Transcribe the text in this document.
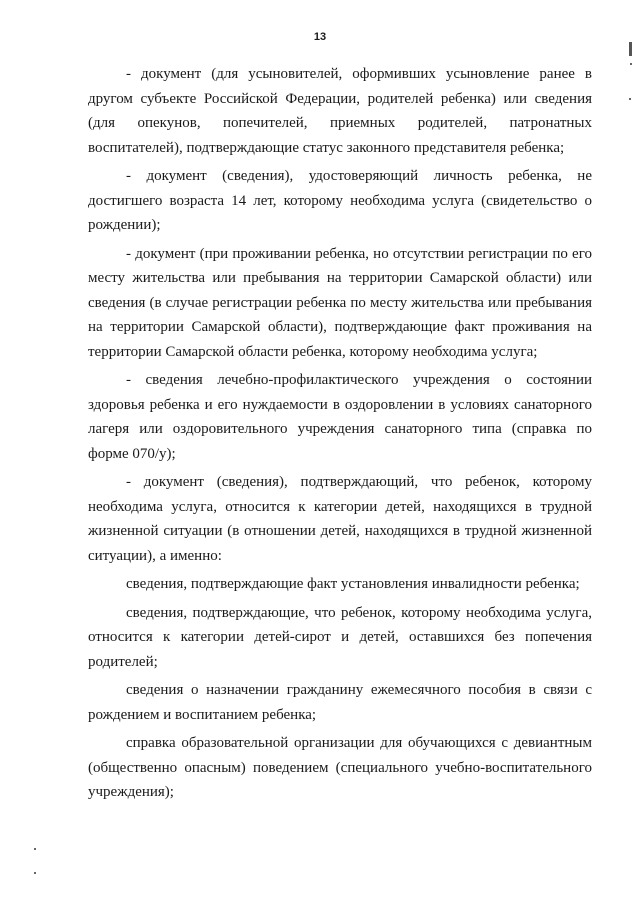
13

- документ (для усыновителей, оформивших усыновление ранее в другом субъекте Российской Федерации, родителей ребенка) или сведения (для опекунов, попечителей, приемных родителей, патронатных воспитателей), подтверждающие статус законного представителя ребенка;

- документ (сведения), удостоверяющий личность ребенка, не достигшего возраста 14 лет, которому необходима услуга (свидетельство о рождении);

- документ (при проживании ребенка, но отсутствии регистрации по его месту жительства или пребывания на территории Самарской области) или сведения (в случае регистрации ребенка по месту жительства или пребывания на территории Самарской области), подтверждающие факт проживания на территории Самарской области ребенка, которому необходима услуга;

- сведения лечебно-профилактического учреждения о состоянии здоровья ребенка и его нуждаемости в оздоровлении в условиях санаторного лагеря или оздоровительного учреждения санаторного типа (справка по форме 070/у);

- документ (сведения), подтверждающий, что ребенок, которому необходима услуга, относится к категории детей, находящихся в трудной жизненной ситуации (в отношении детей, находящихся в трудной жизненной ситуации), а именно:

сведения, подтверждающие факт установления инвалидности ребенка;

сведения, подтверждающие, что ребенок, которому необходима услуга, относится к категории детей-сирот и детей, оставшихся без попечения родителей;

сведения о назначении гражданину ежемесячного пособия в связи с рождением и воспитанием ребенка;

справка образовательной организации для обучающихся с девиантным (общественно опасным) поведением (специального учебно-воспитательного учреждения);
